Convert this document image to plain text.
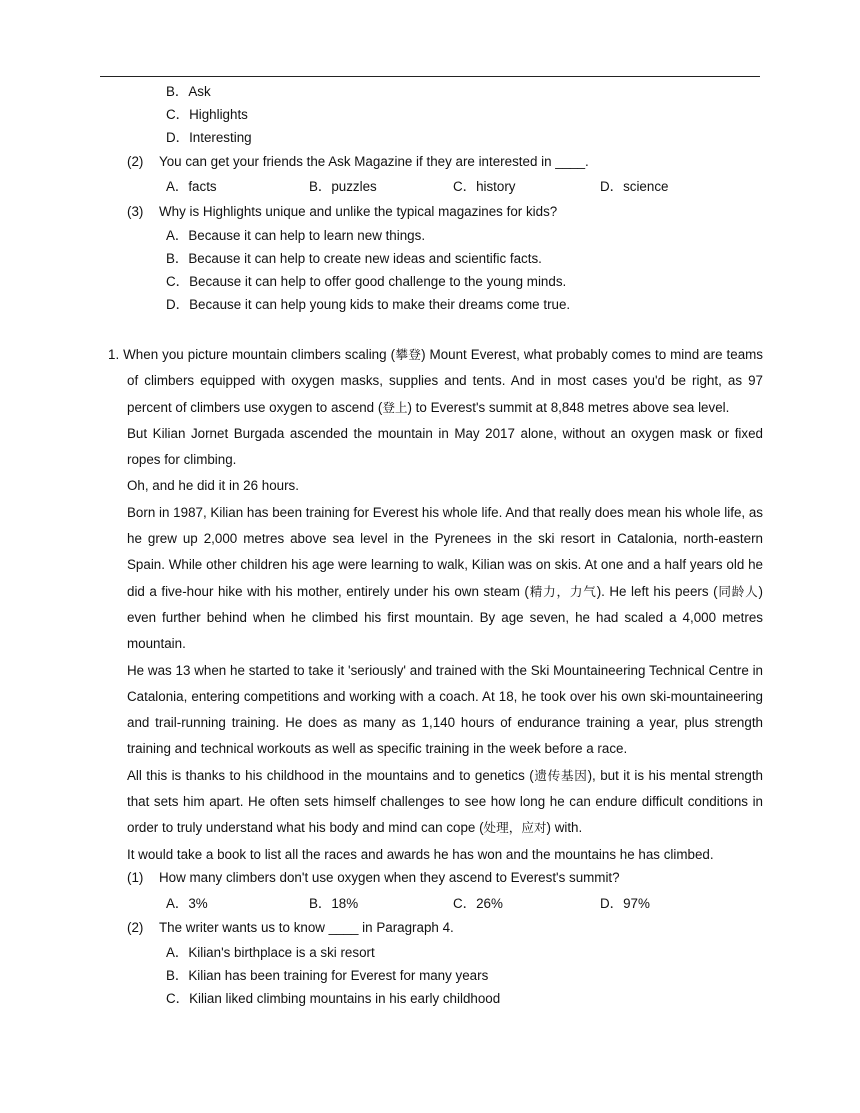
B．Ask
C．Highlights
D．Interesting
(2) You can get your friends the Ask Magazine if they are interested in ____.
A．facts	B．puzzles	C．history	D．science
(3) Why is Highlights unique and unlike the typical magazines for kids?
A．Because it can help to learn new things.
B．Because it can help to create new ideas and scientific facts.
C．Because it can help to offer good challenge to the young minds.
D．Because it can help young kids to make their dreams come true.

1. When you picture mountain climbers scaling (攀登) Mount Everest, what probably comes to mind are teams of climbers equipped with oxygen masks, supplies and tents. And in most cases you'd be right, as 97 percent of climbers use oxygen to ascend (登上) to Everest's summit at 8,848 metres above sea level.

But Kilian Jornet Burgada ascended the mountain in May 2017 alone, without an oxygen mask or fixed ropes for climbing.

Oh, and he did it in 26 hours.

Born in 1987, Kilian has been training for Everest his whole life. And that really does mean his whole life, as he grew up 2,000 metres above sea level in the Pyrenees in the ski resort in Catalonia, north-eastern Spain. While other children his age were learning to walk, Kilian was on skis. At one and a half years old he did a five-hour hike with his mother, entirely under his own steam (精力，力气). He left his peers (同龄人) even further behind when he climbed his first mountain. By age seven, he had scaled a 4,000 metres mountain.

He was 13 when he started to take it 'seriously' and trained with the Ski Mountaineering Technical Centre in Catalonia, entering competitions and working with a coach. At 18, he took over his own ski-mountaineering and trail-running training. He does as many as 1,140 hours of endurance training a year, plus strength training and technical workouts as well as specific training in the week before a race.

All this is thanks to his childhood in the mountains and to genetics (遗传基因), but it is his mental strength that sets him apart. He often sets himself challenges to see how long he can endure difficult conditions in order to truly understand what his body and mind can cope (处理，应对) with.

It would take a book to list all the races and awards he has won and the mountains he has climbed.

(1) How many climbers don't use oxygen when they ascend to Everest's summit?
A．3%	B．18%	C．26%	D．97%
(2) The writer wants us to know ____ in Paragraph 4.
A．Kilian's birthplace is a ski resort
B．Kilian has been training for Everest for many years
C．Kilian liked climbing mountains in his early childhood
